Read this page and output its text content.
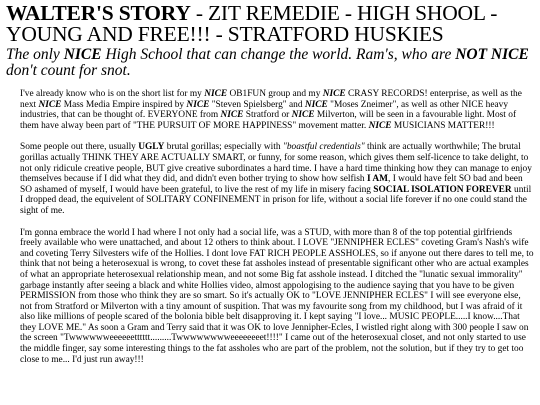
WALTER'S STORY - ZIT REMEDIE - HIGH SHOOL - YOUNG AND FREE!!! - STRATFORD HUSKIES
The only NICE High School that can change the world. Ram's, who are NOT NICE don't count for snot.

I've already know who is on the short list for my NICE OB1FUN group and my NICE CRASY RECORDS! enterprise, as well as the next NICE Mass Media Empire inspired by NICE "Steven Spielsberg" and NICE "Moses Zneimer", as well as other NICE heavy industries, that can be thought of. EVERYONE from NICE Stratford or NICE Milverton, will be seen in a favourable light. Most of them have alway been part of "THE PURSUIT OF MORE HAPPINESS" movement matter. NICE MUSICIANS MATTER!!!

Some people out there, usually UGLY brutal gorillas; especially with "boastful credentials" think are actually worthwhile; The brutal gorillas actually THINK THEY ARE ACTUALLY SMART, or funny, for some reason, which gives them self-licence to take delight, to not only ridicule creative people, BUT give creative subordinates a hard time. I have a hard time thinking how they can manage to enjoy themselves because if I did what they did, and didn't even bother trying to show how selfish I AM, I would have felt SO bad and been SO ashamed of myself, I would have been grateful, to live the rest of my life in misery facing SOCIAL ISOLATION FOREVER until I dropped dead, the equivelent of SOLITARY CONFINEMENT in prison for life, without a social life forever if no one could stand the sight of me.

I'm gonna embrace the world I had where I not only had a social life, was a STUD, with more than 8 of the top potential girlfriends freely available who were unattached, and about 12 others to think about. I LOVE "JENNIPHER ECLES" coveting Gram's Nash's wife and coveting Terry Silvesters wife of the Hollies. I dont love FAT RICH PEOPLE ASSHOLES, so if anyone out there dares to tell me, to think that not being a heterosexual is wrong, to covet these fat assholes instead of presentable significant other who are actual examples of what an appropriate heterosexual relationship mean, and not some Big fat asshole instead. I ditched the "lunatic sexual immorality" garbage instantly after seeing a black and white Hollies video, almost appologising to the audience saying that you have to be given PERMISSION from those who think they are so smart. So it's actually OK to "LOVE JENNIPHER ECLES" I will see everyone else, not from Stratford or Milverton with a tiny amount of suspition. That was my favourite song from my childhood, but I was afraid of it also like millions of people scared of the bolonia bible belt disapproving it. I kept saying "I love... MUSIC PEOPLE.....I know....That they LOVE ME." As soon a Gram and Terry said that it was OK to love Jennipher-Ecles, I wistled right along with 300 people I saw on the screen "Twwwwwweeeeeetttttt.........Twwwwwwwweeeeeeeet!!!!" I came out of the heterosexual closet, and not only started to use the middle finger, say some interesting things to the fat assholes who are part of the problem, not the solution, but if they try to get too close to me... I'd just run away!!!
